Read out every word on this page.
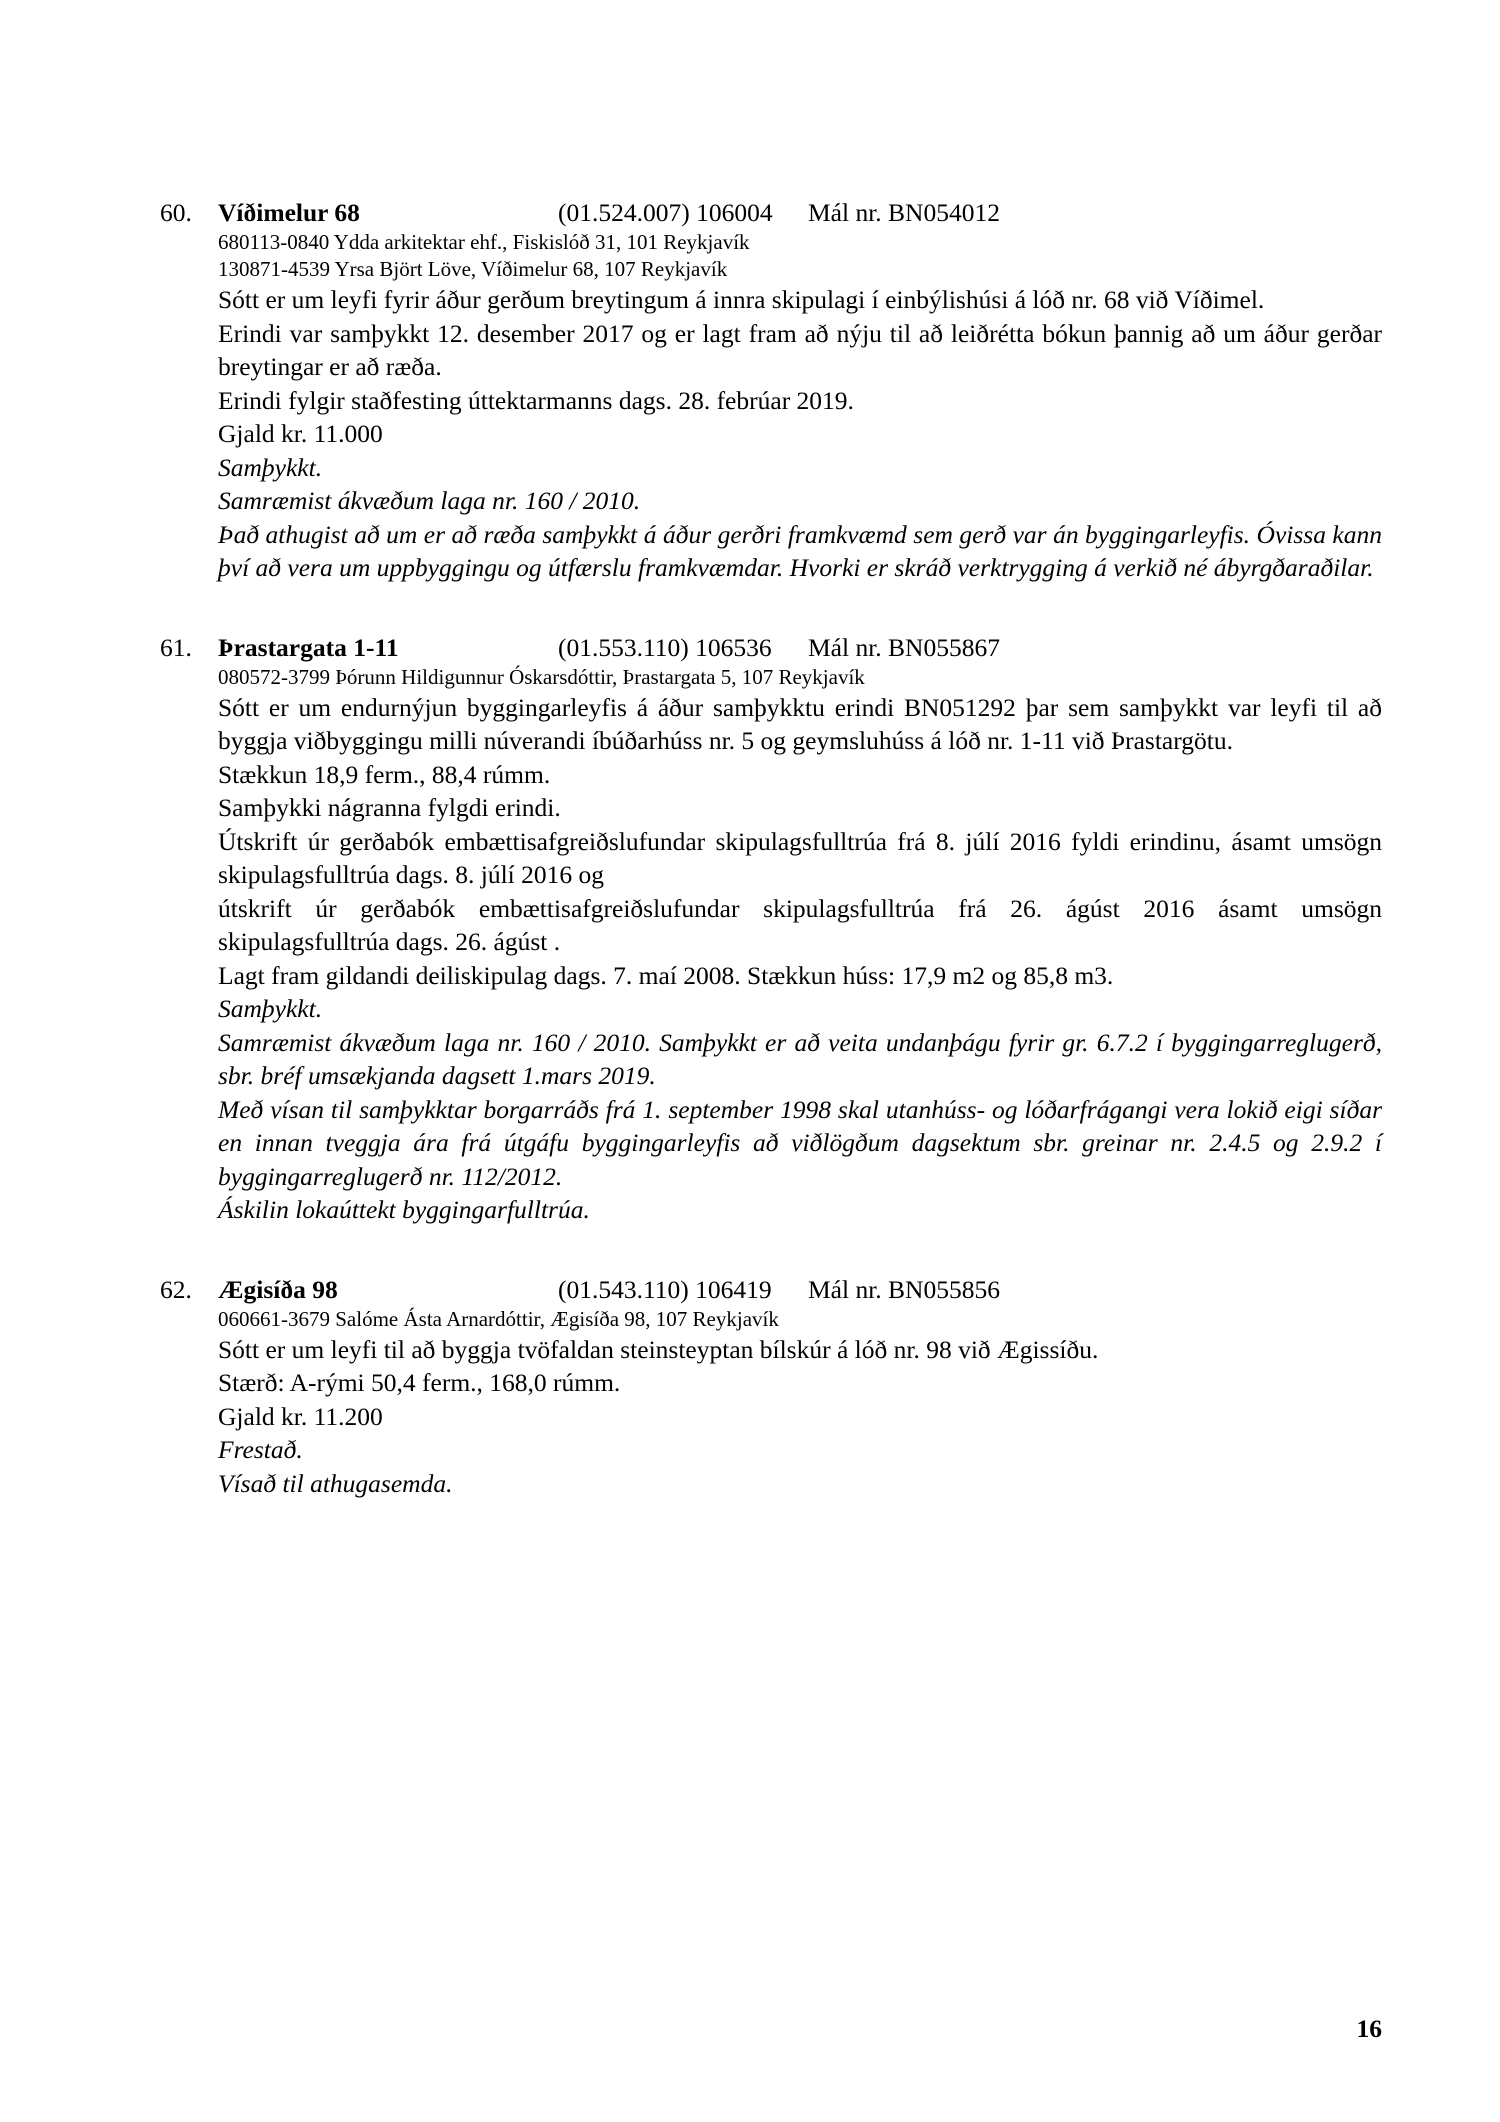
60.	Víðimelur 68	(01.524.007) 106004	Mál nr. BN054012
680113-0840 Ydda arkitektar ehf., Fiskislóð 31, 101 Reykjavík
130871-4539 Yrsa Björt Löve, Víðimelur 68, 107 Reykjavík
Sótt er um leyfi fyrir áður gerðum breytingum á innra skipulagi í einbýlishúsi á lóð nr. 68 við Víðimel.
Erindi var samþykkt 12. desember 2017 og er lagt fram að nýju til að leiðrétta bókun þannig að um áður gerðar breytingar er að ræða.
Erindi fylgir staðfesting úttektarmanns dags. 28. febrúar 2019.
Gjald kr. 11.000
Samþykkt.
Samræmist ákvæðum laga nr. 160 / 2010.
Það athugist að um er að ræða samþykkt á áður gerðri framkvæmd sem gerð var án byggingarleyfis. Óvissa kann því að vera um uppbyggingu og útfærslu framkvæmdar. Hvorki er skráð verktrygging á verkið né ábyrgðaraðilar.
61.	Þrastargata 1-11	(01.553.110) 106536	Mál nr. BN055867
080572-3799 Þórunn Hildigunnur Óskarsdóttir, Þrastargata 5, 107 Reykjavík
Sótt er um endurnýjun byggingarleyfis á áður samþykktu erindi BN051292 þar sem samþykkt var leyfi til að byggja viðbyggingu milli núverandi íbúðarhúss nr. 5 og geymsluhúss á lóð nr. 1-11 við Þrastargötu.
Stækkun 18,9 ferm., 88,4 rúmm.
Samþykki nágranna fylgdi erindi.
Útskrift úr gerðabók embættisafgreiðslufundar skipulagsfulltrúa frá 8. júlí 2016 fyldi erindinu, ásamt umsögn skipulagsfulltrúa dags. 8. júlí 2016 og
útskrift úr gerðabók embættisafgreiðslufundar skipulagsfulltrúa frá 26. ágúst 2016 ásamt umsögn skipulagsfulltrúa dags. 26. ágúst .
Lagt fram gildandi deiliskipulag dags. 7. maí 2008. Stækkun húss: 17,9 m2 og 85,8 m3.
Samþykkt.
Samræmist ákvæðum laga nr. 160 / 2010. Samþykkt er að veita undanþágu fyrir gr. 6.7.2 í byggingarreglugerð, sbr. bréf umsækjanda dagsett 1.mars 2019.
Með vísan til samþykktar borgarráðs frá 1. september 1998 skal utanhúss- og lóðarfrágangi vera lokið eigi síðar en innan tveggja ára frá útgáfu byggingarleyfis að viðlögðum dagsektum sbr. greinar nr. 2.4.5 og 2.9.2 í byggingarreglugerð nr. 112/2012.
Áskilin lokaúttekt byggingarfulltrúa.
62.	Ægisíða 98	(01.543.110) 106419	Mál nr. BN055856
060661-3679 Salóme Ásta Arnardóttir, Ægisíða 98, 107 Reykjavík
Sótt er um leyfi til að byggja tvöfaldan steinsteyptan bílskúr á lóð nr. 98 við Ægissíðu.
Stærð: A-rými 50,4 ferm., 168,0 rúmm.
Gjald kr. 11.200
Frestað.
Vísað til athugasemda.
16
